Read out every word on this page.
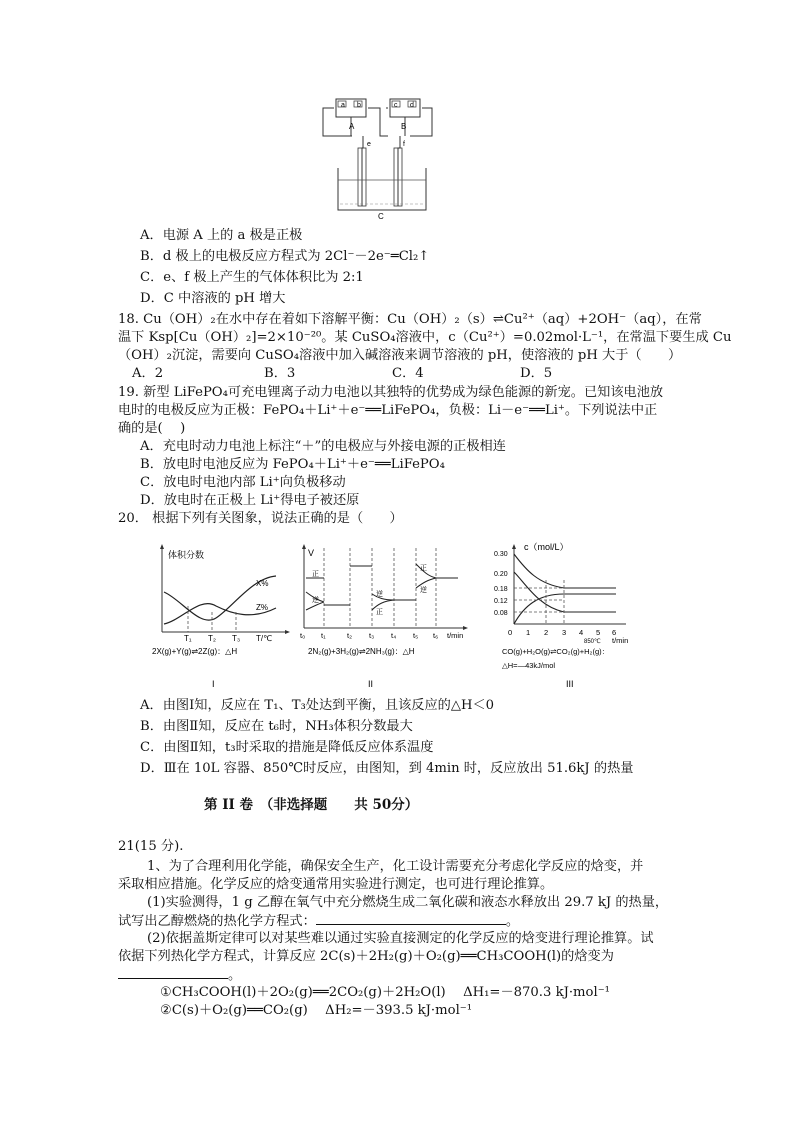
a b	c d
A	B
e	f
C
A．电源 A 上的 a 极是正极
B．d 极上的电极反应方程式为 2Cl⁻－2e⁻═Cl₂↑
C．e、f 极上产生的气体体积比为 2:1
D．C 中溶液的 pH 增大
18. Cu（OH）₂在水中存在着如下溶解平衡：Cu（OH）₂（s）⇌Cu²⁺（aq）+2OH⁻（aq），在常
温下 Ksp[Cu（OH）₂]=2×10⁻²⁰。某 CuSO₄溶液中，c（Cu²⁺）=0.02mol·L⁻¹，在常温下要生成 Cu
（OH）₂沉淀，需要向 CuSO₄溶液中加入碱溶液来调节溶液的 pH，使溶液的 pH 大于（　　）
A．2	B．3	C．4	D．5
19. 新型 LiFePO₄可充电锂离子动力电池以其独特的优势成为绿色能源的新宠。已知该电池放
电时的电极反应为正极：FePO₄＋Li⁺＋e⁻══LiFePO₄，负极：Li－e⁻══Li⁺。下列说法中正
确的是(　 )
A．充电时动力电池上标注“＋”的电极应与外接电源的正极相连
B．放电时电池反应为 FePO₄＋Li⁺＋e⁻══LiFePO₄
C．放电时电池内部 Li⁺向负极移动
D．放电时在正极上 Li⁺得电子被还原
20． 根据下列有关图象，说法正确的是（　　）
体积分数
X%
Z%
T₁ T₂ T₃ T/℃
2X(g)+Y(g)⇌2Z(g)：△H
I
V
正
逆
逆
正
正
逆
t₀ t₁	t₂ t₃ t₄ t₅ t₆ t/min
2N₂(g)+3H₂(g)⇌2NH₃(g)：△H
II
c（mol/L）
0.30
0.20
0.18
0.12
0.08
0 1 2 3 4 5 6
t/min
850℃
CO(g)+H₂O(g)⇌CO₂(g)+H₂(g)：
△H=—43kJ/mol
III
A．由图Ⅰ知，反应在 T₁、T₃处达到平衡，且该反应的△H＜0
B．由图Ⅱ知，反应在 t₆时，NH₃体积分数最大
C．由图Ⅱ知，t₃时采取的措施是降低反应体系温度
D．Ⅲ在 10L 容器、850℃时反应，由图知，到 4min 时，反应放出 51.6kJ 的热量
第 II 卷　（非选择题　　共 50分）
21(15 分).
1、为了合理利用化学能，确保安全生产，化工设计需要充分考虑化学反应的焓变，并
采取相应措施。化学反应的焓变通常用实验进行测定，也可进行理论推算。
(1)实验测得，1 g 乙醇在氧气中充分燃烧生成二氧化碳和液态水释放出 29.7 kJ 的热量，
试写出乙醇燃烧的热化学方程式：	。
(2)依据盖斯定律可以对某些难以通过实验直接测定的化学反应的焓变进行理论推算。试
依据下列热化学方程式，计算反应 2C(s)＋2H₂(g)＋O₂(g)══CH₃COOH(l)的焓变为
。
①CH₃COOH(l)＋2O₂(g)══2CO₂(g)＋2H₂O(l)　 ΔH₁=－870.3 kJ·mol⁻¹
②C(s)＋O₂(g)══CO₂(g)　 ΔH₂=－393.5 kJ·mol⁻¹
